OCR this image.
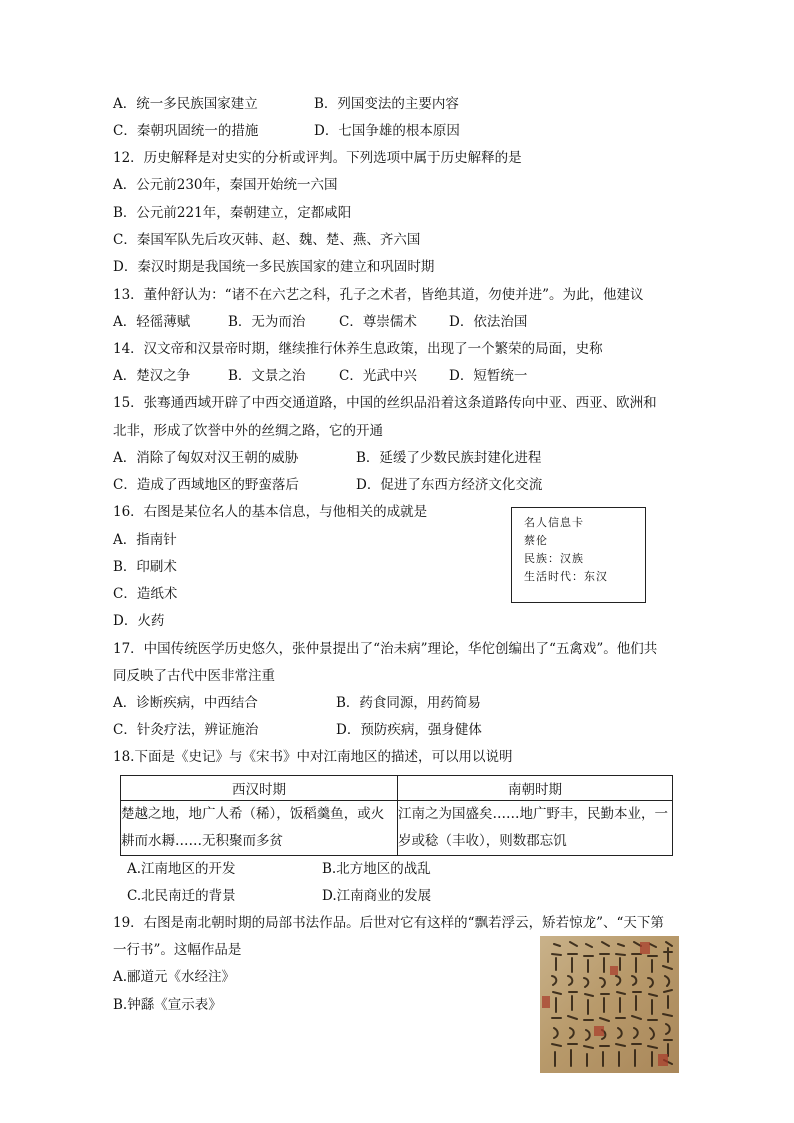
A．统一多民族国家建立	B．列国变法的主要内容
C．秦朝巩固统一的措施	D．七国争雄的根本原因
12．历史解释是对史实的分析或评判。下列选项中属于历史解释的是
A．公元前230年，秦国开始统一六国
B．公元前221年，秦朝建立，定都咸阳
C．秦国军队先后攻灭韩、赵、魏、楚、燕、齐六国
D．秦汉时期是我国统一多民族国家的建立和巩固时期
13．董仲舒认为：“诸不在六艺之科，孔子之术者，皆绝其道，勿使并进”。为此，他建议
A．轻徭薄赋	B．无为而治 C．尊崇儒术 D．依法治国
14．汉文帝和汉景帝时期，继续推行休养生息政策，出现了一个繁荣的局面，史称
A．楚汉之争	B．文景之治 C．光武中兴 D．短暂统一
15．张骞通西域开辟了中西交通道路，中国的丝织品沿着这条道路传向中亚、西亚、欧洲和
北非，形成了饮誉中外的丝绸之路，它的开通
A．消除了匈奴对汉王朝的威胁	B．延缓了少数民族封建化进程
C．造成了西域地区的野蛮落后	D．促进了东西方经济文化交流
16．右图是某位名人的基本信息，与他相关的成就是
A．指南针
B．印刷术
C．造纸术
D．火药
名人信息卡
蔡伦
民族：汉族
生活时代：东汉
17．中国传统医学历史悠久，张仲景提出了“治未病”理论，华佗创编出了“五禽戏”。他们共
同反映了古代中医非常注重
A．诊断疾病，中西结合	B．药食同源，用药简易
C．针灸疗法，辨证施治	D．预防疾病，强身健体
18.下面是《史记》与《宋书》中对江南地区的描述，可以用以说明
西汉时期	南朝时期
楚越之地，地广人希（稀），饭稻羹鱼，或火耕而水耨……无积聚而多贫	江南之为国盛矣……地广野丰，民勤本业，一岁或稔（丰收），则数郡忘饥
A.江南地区的开发	B.北方地区的战乱
C.北民南迁的背景	D.江南商业的发展
19．右图是南北朝时期的局部书法作品。后世对它有这样的“飘若浮云，矫若惊龙”、“天下第
一行书”。这幅作品是
A.郦道元《水经注》
B.钟繇《宣示表》
